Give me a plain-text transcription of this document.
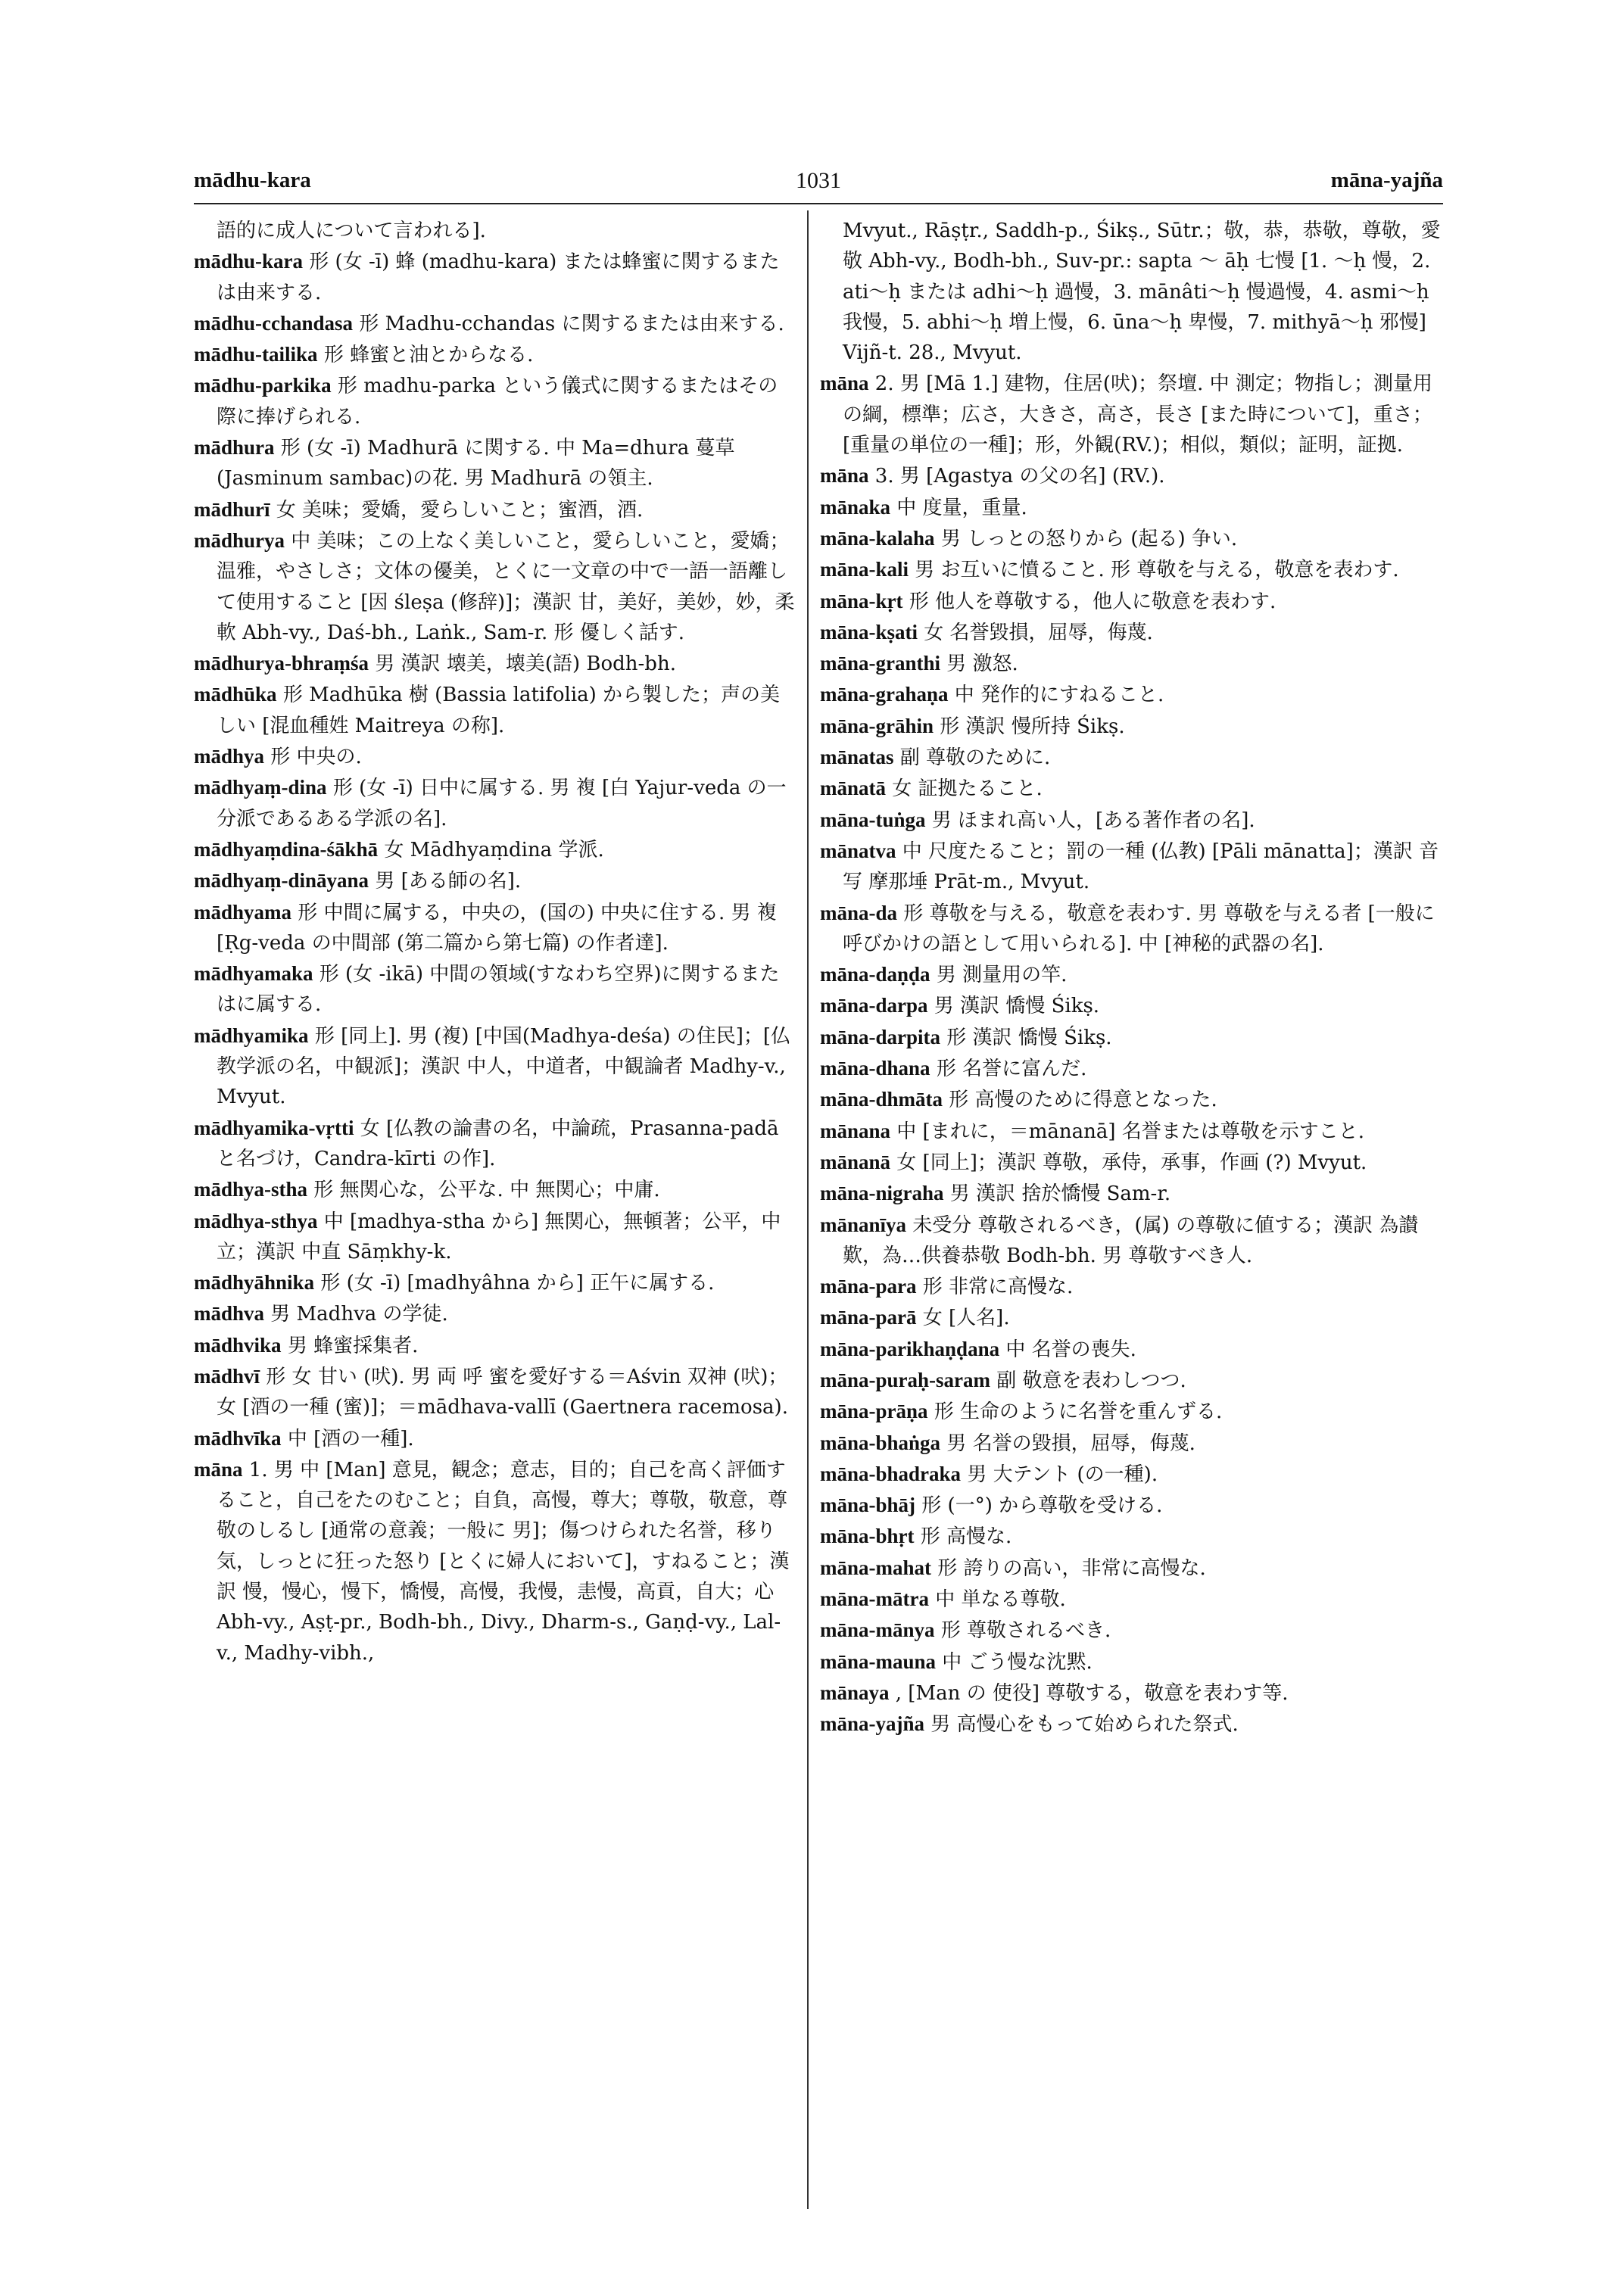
mādhu-kara	1031	māna-yajña

語的に成人について言われる].

mādhu-kara 形 (女 -ī) 蜂 (madhu-kara) または蜂蜜に関するまたは由来する.

mādhu-cchandasa 形 Madhu-cchandas に関するまたは由来する.

mādhu-tailika 形 蜂蜜と油とからなる.

mādhu-parkika 形 madhu-parka という儀式に関するまたはその際に捧げられる.

mādhura 形 (女 -ī) Madhurā に関する. 中 Ma=dhura 蔓草 (Jasminum sambac)の花. 男 Madhurā の領主.

mādhurī 女 美味；愛嬌，愛らしいこと；蜜酒，酒.

mādhurya 中 美味；この上なく美しいこと，愛らしいこと，愛嬌；温雅，やさしさ；文体の優美，とくに一文章の中で一語一語離して使用すること [因 śleṣa (修辞)]；漢訳 甘，美好，美妙，妙，柔軟 Abh-vy., Daś-bh., Laṅk., Sam-r. 形 優しく話す.

mādhurya-bhraṃśa 男 漢訳 壊美，壊美(語) Bodh-bh.

mādhūka 形 Madhūka 樹 (Bassia latifolia) から製した；声の美しい [混血種姓 Maitreya の称].

mādhya 形 中央の.

mādhyaṃ-dina 形 (女 -ī) 日中に属する. 男 複 [白 Yajur-veda の一分派であるある学派の名].

mādhyaṃdina-śākhā 女 Mādhyaṃdina 学派.

mādhyaṃ-dināyana 男 [ある師の名].

mādhyama 形 中間に属する，中央の，(国の) 中央に住する. 男 複 [Ṛg-veda の中間部 (第二篇から第七篇) の作者達].

mādhyamaka 形 (女 -ikā) 中間の領域(すなわち空界)に関するまたはに属する.

mādhyamika 形 [同上]. 男 (複) [中国(Madhya-deśa) の住民]；[仏教学派の名，中観派]；漢訳 中人，中道者，中観論者 Madhy-v., Mvyut.

mādhyamika-vṛtti 女 [仏教の論書の名，中論疏，Prasanna-padā と名づけ，Candra-kīrti の作].

mādhya-stha 形 無関心な，公平な. 中 無関心；中庸.

mādhya-sthya 中 [madhya-stha から] 無関心，無頓著；公平，中立；漢訳 中直 Sāṃkhy-k.

mādhyāhnika 形 (女 -ī) [madhyâhna から] 正午に属する.

mādhva 男 Madhva の学徒.

mādhvika 男 蜂蜜採集者.

mādhvī 形 女 甘い (吠). 男 両 呼 蜜を愛好する＝Aśvin 双神 (吠)；女 [酒の一種 (蜜)]；＝mādhava-vallī (Gaertnera racemosa).

mādhvīka 中 [酒の一種].

māna 1. 男 中 [Man] 意見，観念；意志，目的；自己を高く評価すること，自己をたのむこと；自負，高慢，尊大；尊敬，敬意，尊敬のしるし [通常の意義；一般に 男]；傷つけられた名誉，移り気，しっとに狂った怒り [とくに婦人において]，すねること；漢訳 慢，慢心，慢下，憍慢，高慢，我慢，恚慢，高貢，自大；心 Abh-vy., Aṣṭ-pr., Bodh-bh., Divy., Dharm-s., Gaṇḍ-vy., Lal-v., Madhy-vibh.,

Mvyut., Rāṣṭr., Saddh-p., Śikṣ., Sūtr.；敬，恭，恭敬，尊敬，愛敬 Abh-vy., Bodh-bh., Suv-pr.: sapta ～ āḥ 七慢 [1. ～ḥ 慢，2. ati～ḥ または adhi～ḥ 過慢，3. mānâti～ḥ 慢過慢，4. asmi～ḥ 我慢，5. abhi～ḥ 増上慢，6. ūna～ḥ 卑慢，7. mithyā～ḥ 邪慢] Vijñ-t. 28., Mvyut.

māna 2. 男 [Mā 1.] 建物，住居(吠)；祭壇. 中 測定；物指し；測量用の綱，標準；広さ，大きさ，高さ，長さ [また時について]，重さ；[重量の単位の一種]；形，外観(RV.)；相似，類似；証明，証拠.

māna 3. 男 [Agastya の父の名] (RV.).

mānaka 中 度量，重量.

māna-kalaha 男 しっとの怒りから (起る) 争い.

māna-kali 男 お互いに憤ること. 形 尊敬を与える，敬意を表わす.

māna-kṛt 形 他人を尊敬する，他人に敬意を表わす.

māna-kṣati 女 名誉毀損，屈辱，侮蔑.

māna-granthi 男 激怒.

māna-grahaṇa 中 発作的にすねること.

māna-grāhin 形 漢訳 慢所持 Śikṣ.

mānatas 副 尊敬のために.

mānatā 女 証拠たること.

māna-tuṅga 男 ほまれ高い人，[ある著作者の名].

mānatva 中 尺度たること；罰の一種 (仏教) [Pāli mānatta]；漢訳 音写 摩那埵 Prāt-m., Mvyut.

māna-da 形 尊敬を与える，敬意を表わす. 男 尊敬を与える者 [一般に呼びかけの語として用いられる]. 中 [神秘的武器の名].

māna-daṇḍa 男 測量用の竿.

māna-darpa 男 漢訳 憍慢 Śikṣ.

māna-darpita 形 漢訳 憍慢 Śikṣ.

māna-dhana 形 名誉に富んだ.

māna-dhmāta 形 高慢のために得意となった.

mānana 中 [まれに，＝mānanā] 名誉または尊敬を示すこと.

mānanā 女 [同上]；漢訳 尊敬，承侍，承事，作画 (?) Mvyut.

māna-nigraha 男 漢訳 捨於憍慢 Sam-r.

mānanīya 未受分 尊敬されるべき，(属) の尊敬に値する；漢訳 為讃歎，為…供養恭敬 Bodh-bh. 男 尊敬すべき人.

māna-para 形 非常に高慢な.

māna-parā 女 [人名].

māna-parikhaṇḍana 中 名誉の喪失.

māna-puraḥ-saram 副 敬意を表わしつつ.

māna-prāṇa 形 生命のように名誉を重んずる.

māna-bhaṅga 男 名誉の毀損，屈辱，侮蔑.

māna-bhadraka 男 大テント (の一種).

māna-bhāj 形 (一°) から尊敬を受ける.

māna-bhṛt 形 高慢な.

māna-mahat 形 誇りの高い，非常に高慢な.

māna-mātra 中 単なる尊敬.

māna-mānya 形 尊敬されるべき.

māna-mauna 中 ごう慢な沈黙.

mānaya , [Man の 使役] 尊敬する，敬意を表わす等.

māna-yajña 男 高慢心をもって始められた祭式.
